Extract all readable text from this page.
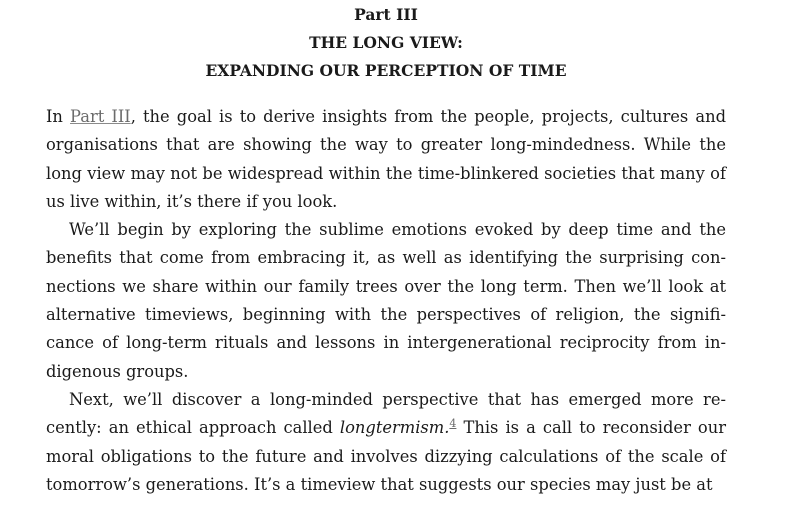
Part III
THE LONG VIEW:
EXPANDING OUR PERCEPTION OF TIME

In Part III, the goal is to derive insights from the people, projects, cultures and organisations that are showing the way to greater long-mindedness. While the long view may not be widespread within the time-blinkered societies that many of us live within, it’s there if you look.

We’ll begin by exploring the sublime emotions evoked by deep time and the benefits that come from embracing it, as well as identifying the surprising connections we share within our family trees over the long term. Then we’ll look at alternative timeviews, beginning with the perspectives of religion, the significance of long-term rituals and lessons in intergenerational reciprocity from indigenous groups.

Next, we’ll discover a long-minded perspective that has emerged more recently: an ethical approach called longtermism.$^4$ This is a call to reconsider our moral obligations to the future and involves dizzying calculations of the scale of tomorrow’s generations. It’s a timeview that suggests our species may just be at
